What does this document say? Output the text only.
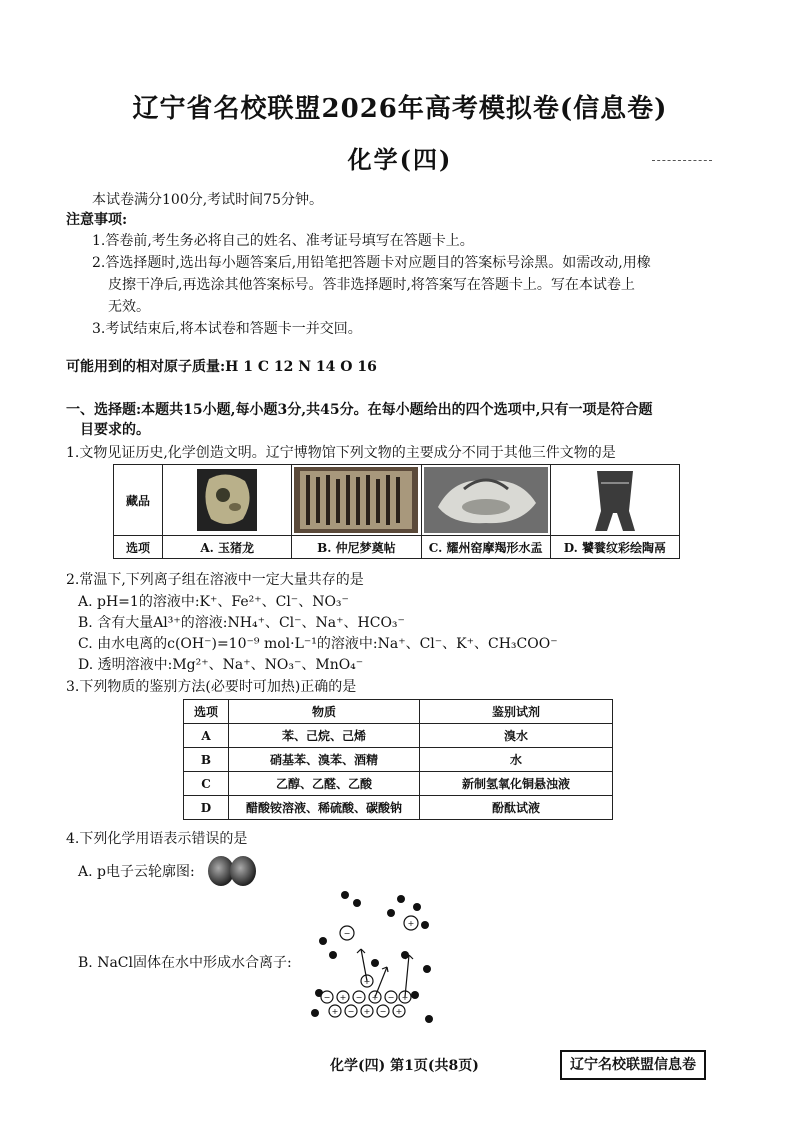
辽宁省名校联盟2026年高考模拟卷(信息卷)
化学(四)
本试卷满分100分,考试时间75分钟。
注意事项:
1.答卷前,考生务必将自己的姓名、准考证号填写在答题卡上。
2.答选择题时,选出每小题答案后,用铅笔把答题卡对应题目的答案标号涂黑。如需改动,用橡
皮擦干净后,再选涂其他答案标号。答非选择题时,将答案写在答题卡上。写在本试卷上
无效。
3.考试结束后,将本试卷和答题卡一并交回。
可能用到的相对原子质量:H 1 C 12 N 14 O 16
一、选择题:本题共15小题,每小题3分,共45分。在每小题给出的四个选项中,只有一项是符合题
目要求的。
1.文物见证历史,化学创造文明。辽宁博物馆下列文物的主要成分不同于其他三件文物的是
藏品	

选项	A. 玉猪龙	B. 仲尼梦奠帖	C. 耀州窑摩羯形水盂	D. 饕餮纹彩绘陶鬲
2.常温下,下列离子组在溶液中一定大量共存的是
A. pH=1的溶液中:K⁺、Fe²⁺、Cl⁻、NO₃⁻
B. 含有大量Al³⁺的溶液:NH₄⁺、Cl⁻、Na⁺、HCO₃⁻
C. 由水电离的c(OH⁻)=10⁻⁹ mol·L⁻¹的溶液中:Na⁺、Cl⁻、K⁺、CH₃COO⁻
D. 透明溶液中:Mg²⁺、Na⁺、NO₃⁻、MnO₄⁻
3.下列物质的鉴别方法(必要时可加热)正确的是
选项	物质	鉴别试剂
A	苯、己烷、己烯	溴水
B	硝基苯、溴苯、酒精	水
C	乙醇、乙醛、乙酸	新制氢氧化铜悬浊液
D	醋酸铵溶液、稀硫酸、碳酸钠	酚酞试液
4.下列化学用语表示错误的是
A. p电子云轮廓图:
B. NaCl固体在水中形成水合离子:
−
+
+
− + − + − +
+ − + − +
化学(四) 第1页(共8页)	辽宁名校联盟信息卷
